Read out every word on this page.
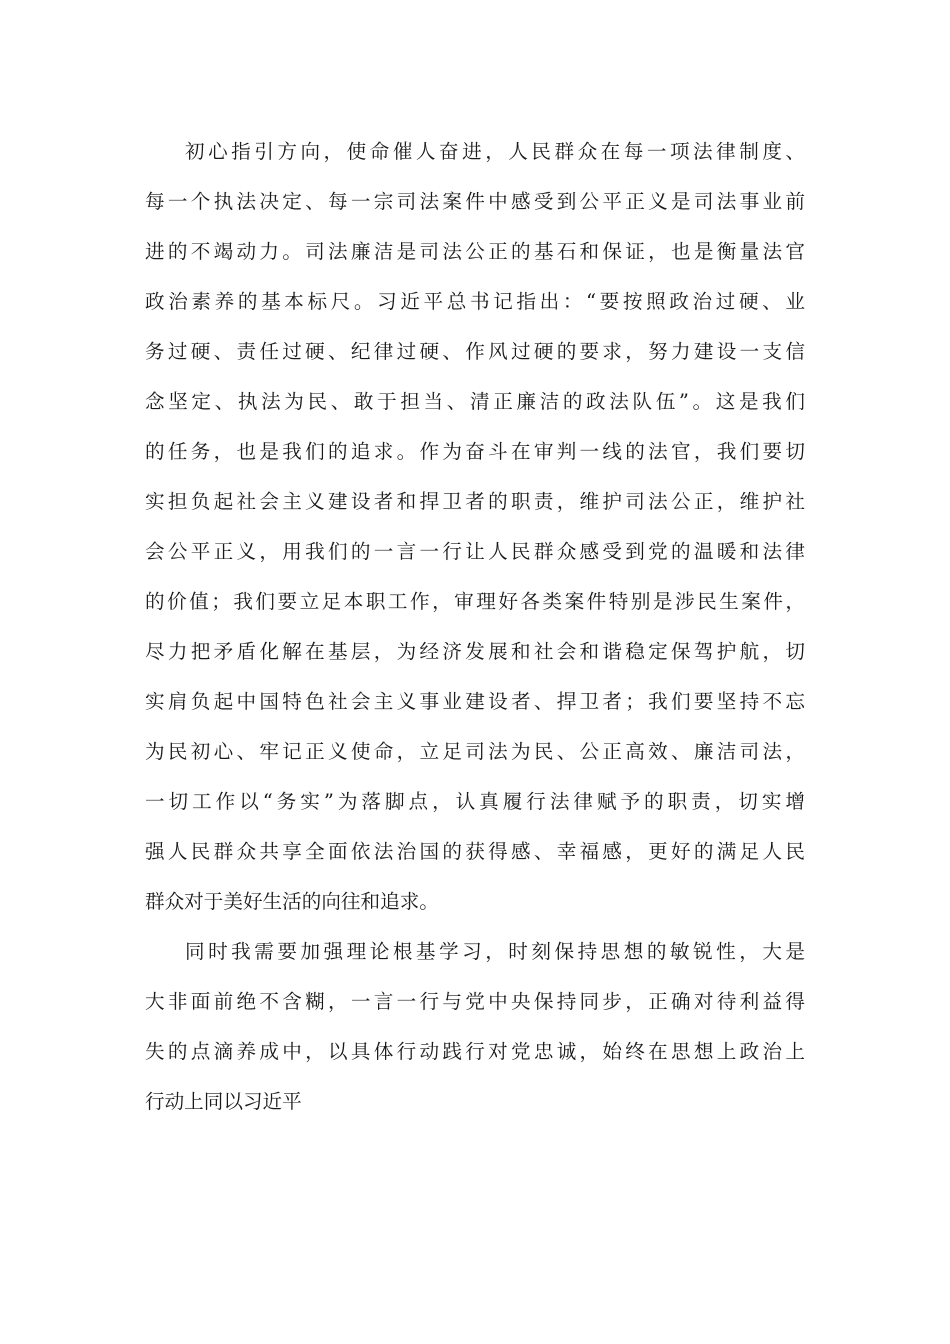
初心指引方向，使命催人奋进，人民群众在每一项法律制度、
每一个执法决定、每一宗司法案件中感受到公平正义是司法事业前
进的不竭动力。司法廉洁是司法公正的基石和保证，也是衡量法官
政治素养的基本标尺。习近平总书记指出：“要按照政治过硬、业
务过硬、责任过硬、纪律过硬、作风过硬的要求，努力建设一支信
念坚定、执法为民、敢于担当、清正廉洁的政法队伍”。这是我们
的任务，也是我们的追求。作为奋斗在审判一线的法官，我们要切
实担负起社会主义建设者和捍卫者的职责，维护司法公正，维护社
会公平正义，用我们的一言一行让人民群众感受到党的温暖和法律
的价值；我们要立足本职工作，审理好各类案件特别是涉民生案件，
尽力把矛盾化解在基层，为经济发展和社会和谐稳定保驾护航，切
实肩负起中国特色社会主义事业建设者、捍卫者；我们要坚持不忘
为民初心、牢记正义使命，立足司法为民、公正高效、廉洁司法，
一切工作以“务实”为落脚点，认真履行法律赋予的职责，切实增
强人民群众共享全面依法治国的获得感、幸福感，更好的满足人民
群众对于美好生活的向往和追求。
同时我需要加强理论根基学习，时刻保持思想的敏锐性，大是
大非面前绝不含糊，一言一行与党中央保持同步，正确对待利益得
失的点滴养成中，以具体行动践行对党忠诚，始终在思想上政治上
行动上同以习近平
